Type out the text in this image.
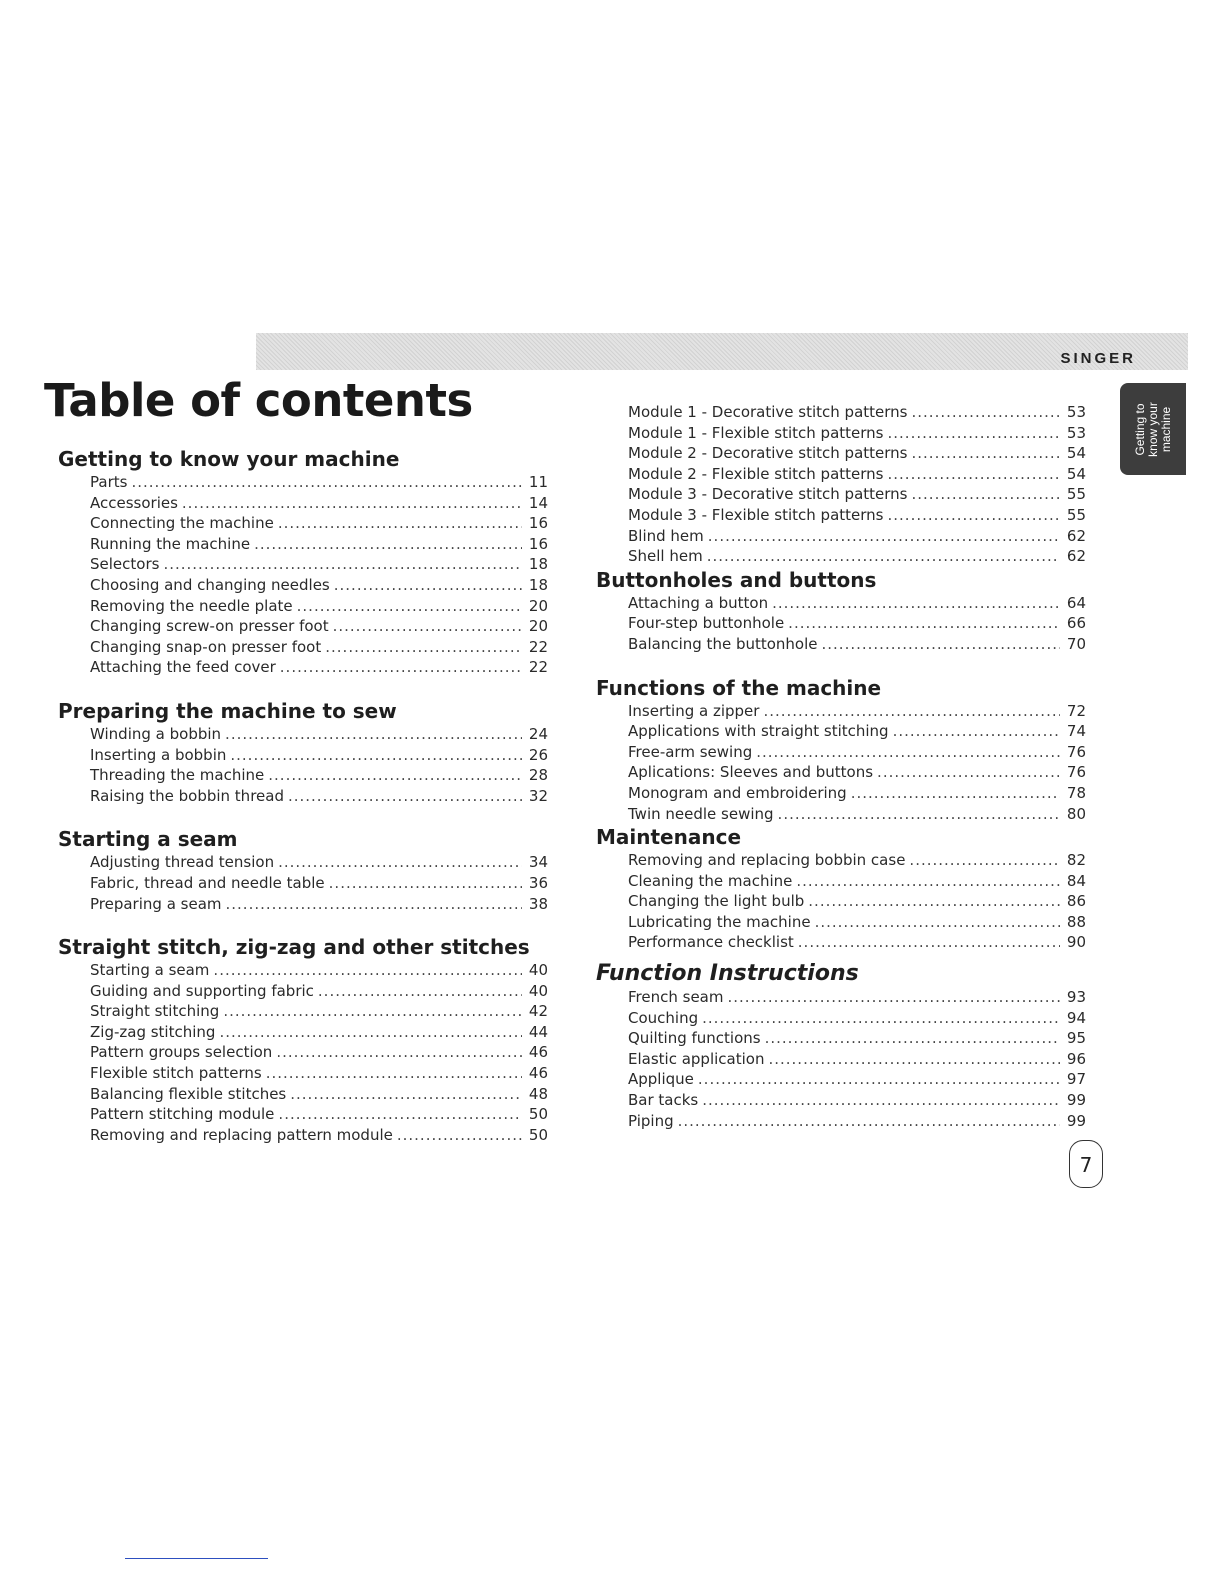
SINGER
Table of contents
Getting to
know your
machine
Getting to know your machine
Parts .....	11
Accessories .....	14
Connecting the machine .....	16
Running the machine .....	16
Selectors .....	18
Choosing and changing needles .....	18
Removing the needle plate .....	20
Changing screw-on presser foot .....	20
Changing snap-on presser foot .....	22
Attaching the feed cover .....	22
Preparing the machine to sew
Winding a bobbin .....	24
Inserting a bobbin .....	26
Threading the machine .....	28
Raising the bobbin thread .....	32
Starting a seam
Adjusting thread tension .....	34
Fabric, thread and needle table .....	36
Preparing a seam .....	38
Straight stitch, zig-zag and other stitches
Starting a seam .....	40
Guiding and supporting fabric .....	40
Straight stitching .....	42
Zig-zag stitching .....	44
Pattern groups selection .....	46
Flexible stitch patterns .....	46
Balancing flexible stitches .....	48
Pattern stitching module .....	50
Removing and replacing pattern module .....	50
Module 1 - Decorative stitch patterns .....	53
Module 1 - Flexible stitch patterns .....	53
Module 2 - Decorative stitch patterns .....	54
Module 2 - Flexible stitch patterns .....	54
Module 3 - Decorative stitch patterns .....	55
Module 3 - Flexible stitch patterns .....	55
Blind hem .....	62
Shell hem .....	62
Buttonholes and buttons
Attaching a button .....	64
Four-step buttonhole .....	66
Balancing the buttonhole .....	70
Functions of the machine
Inserting a zipper .....	72
Applications with straight stitching .....	74
Free-arm sewing .....	76
Aplications: Sleeves and buttons .....	76
Monogram and embroidering .....	78
Twin needle sewing .....	80
Maintenance
Removing and replacing bobbin case .....	82
Cleaning the machine .....	84
Changing the light bulb .....	86
Lubricating the machine .....	88
Performance checklist .....	90
Function Instructions
French seam .....	93
Couching .....	94
Quilting functions .....	95
Elastic application .....	96
Applique .....	97
Bar tacks .....	99
Piping .....	99
7
